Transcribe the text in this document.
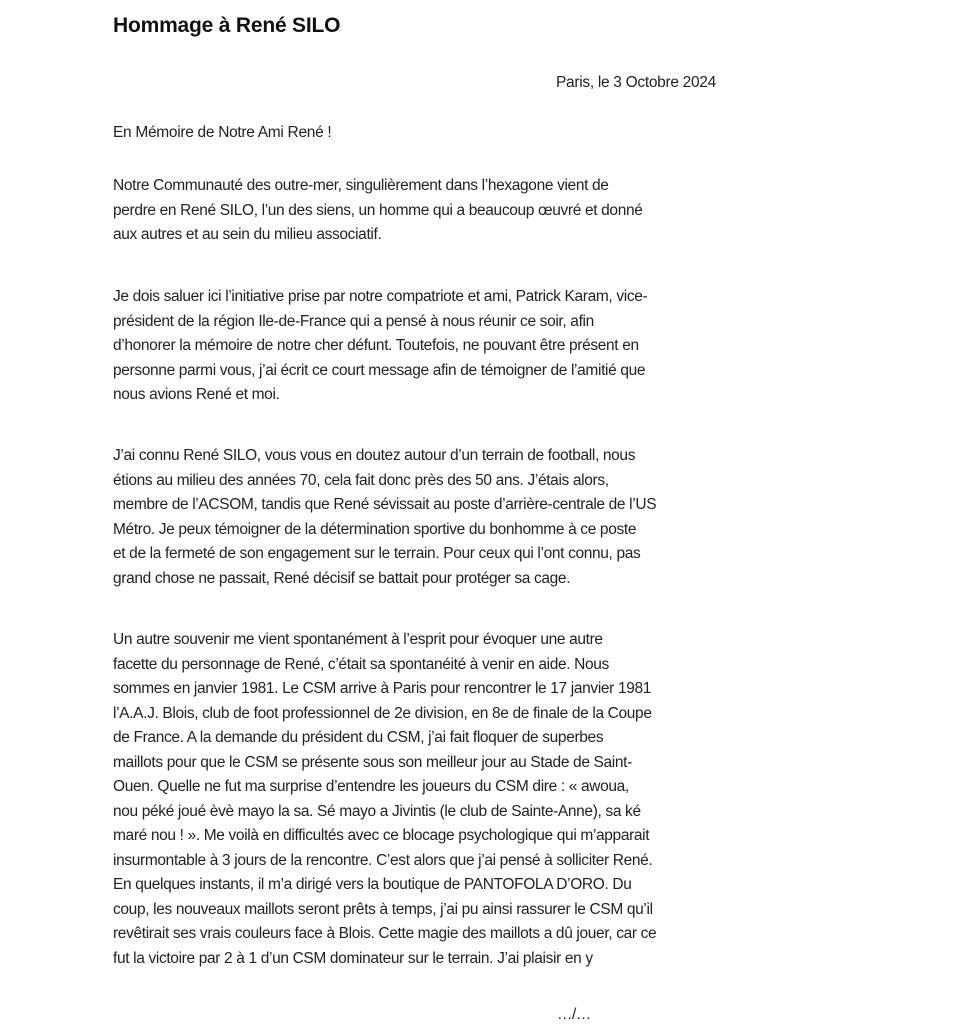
Hommage à René SILO
Paris, le 3 Octobre 2024
En Mémoire de Notre Ami René !

Notre Communauté des outre-mer, singulièrement dans l’hexagone vient de
perdre en René SILO, l’un des siens, un homme qui a beaucoup œuvré et donné
aux autres et au sein du milieu associatif.

Je dois saluer ici l’initiative prise par notre compatriote et ami, Patrick Karam, vice-
président de la région Ile-de-France qui a pensé à nous réunir ce soir, afin
d’honorer la mémoire de notre cher défunt. Toutefois, ne pouvant être présent en
personne parmi vous, j’ai écrit ce court message afin de témoigner de l’amitié que
nous avions René et moi.

J’ai connu René SILO, vous vous en doutez autour d’un terrain de football, nous
étions au milieu des années 70, cela fait donc près des 50 ans. J’étais alors,
membre de l’ACSOM, tandis que René sévissait au poste d’arrière-centrale de l’US
Métro. Je peux témoigner de la détermination sportive du bonhomme à ce poste
et de la fermeté de son engagement sur le terrain. Pour ceux qui l’ont connu, pas
grand chose ne passait, René décisif se battait pour protéger sa cage.

Un autre souvenir me vient spontanément à l’esprit pour évoquer une autre
facette du personnage de René, c’était sa spontanéité à venir en aide. Nous
sommes en janvier 1981. Le CSM arrive à Paris pour rencontrer le 17 janvier 1981
l’A.A.J. Blois, club de foot professionnel de 2e division, en 8e de finale de la Coupe
de France. A la demande du président du CSM, j’ai fait floquer de superbes
maillots pour que le CSM se présente sous son meilleur jour au Stade de Saint-
Ouen. Quelle ne fut ma surprise d’entendre les joueurs du CSM dire : « awoua,
nou péké joué èvè mayo la sa. Sé mayo a Jivintis (le club de Sainte-Anne), sa ké
maré nou ! ». Me voilà en difficultés avec ce blocage psychologique qui m’apparait
insurmontable à 3 jours de la rencontre. C’est alors que j’ai pensé à solliciter René.
En quelques instants, il m’a dirigé vers la boutique de PANTOFOLA D’ORO. Du
coup, les nouveaux maillots seront prêts à temps, j’ai pu ainsi rassurer le CSM qu’il
revêtirait ses vrais couleurs face à Blois. Cette magie des maillots a dû jouer, car ce
fut la victoire par 2 à 1 d’un CSM dominateur sur le terrain. J’ai plaisir en y

…/…
